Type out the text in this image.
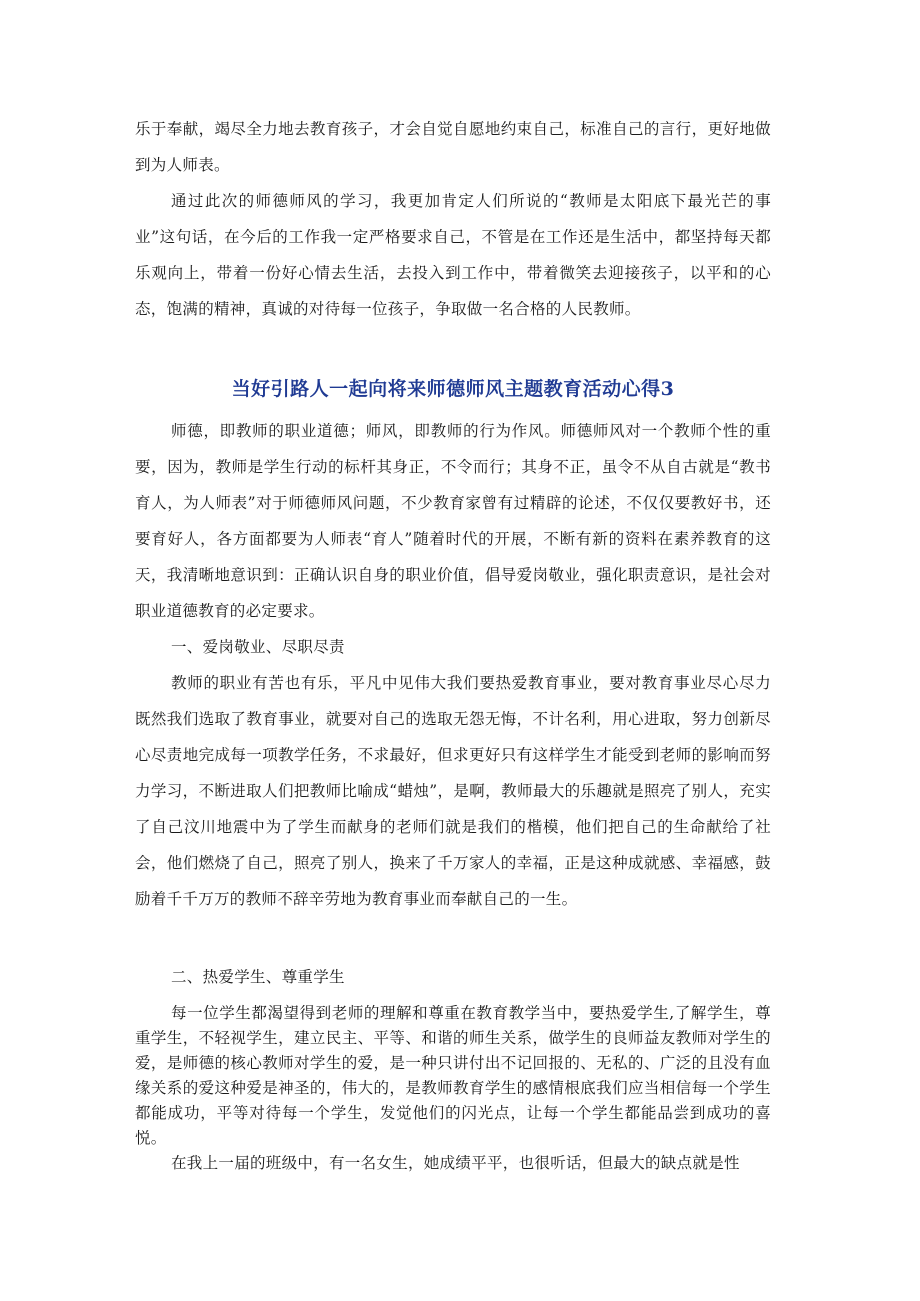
乐于奉献，竭尽全力地去教育孩子，才会自觉自愿地约束自己，标准自己的言行，更好地做到为人师表。

通过此次的师德师风的学习，我更加肯定人们所说的“教师是太阳底下最光芒的事业”这句话，在今后的工作我一定严格要求自己，不管是在工作还是生活中，都坚持每天都乐观向上，带着一份好心情去生活，去投入到工作中，带着微笑去迎接孩子，以平和的心态，饱满的精神，真诚的对待每一位孩子，争取做一名合格的人民教师。

当好引路人一起向将来师德师风主题教育活动心得3

师德，即教师的职业道德；师风，即教师的行为作风。师德师风对一个教师个性的重要，因为，教师是学生行动的标杆其身正，不令而行；其身不正，虽令不从自古就是“教书育人，为人师表”对于师德师风问题，不少教育家曾有过精辟的论述，不仅仅要教好书，还要育好人，各方面都要为人师表“育人”随着时代的开展，不断有新的资料在素养教育的这天，我清晰地意识到：正确认识自身的职业价值，倡导爱岗敬业，强化职责意识，是社会对职业道德教育的必定要求。

一、爱岗敬业、尽职尽责

教师的职业有苦也有乐，平凡中见伟大我们要热爱教育事业，要对教育事业尽心尽力既然我们选取了教育事业，就要对自己的选取无怨无悔，不计名利，用心进取，努力创新尽心尽责地完成每一项教学任务，不求最好，但求更好只有这样学生才能受到老师的影响而努力学习，不断进取人们把教师比喻成“蜡烛”，是啊，教师最大的乐趣就是照亮了别人，充实了自己汶川地震中为了学生而献身的老师们就是我们的楷模，他们把自己的生命献给了社会，他们燃烧了自己，照亮了别人，换来了千万家人的幸福，正是这种成就感、幸福感，鼓励着千千万万的教师不辞辛劳地为教育事业而奉献自己的一生。

二、热爱学生、尊重学生

每一位学生都渴望得到老师的理解和尊重在教育教学当中，要热爱学生,了解学生，尊重学生，不轻视学生，建立民主、平等、和谐的师生关系，做学生的良师益友教师对学生的爱，是师德的核心教师对学生的爱，是一种只讲付出不记回报的、无私的、广泛的且没有血缘关系的爱这种爱是神圣的，伟大的，是教师教育学生的感情根底我们应当相信每一个学生都能成功，平等对待每一个学生，发觉他们的闪光点，让每一个学生都能品尝到成功的喜悦。

在我上一届的班级中，有一名女生，她成绩平平，也很听话，但最大的缺点就是性
